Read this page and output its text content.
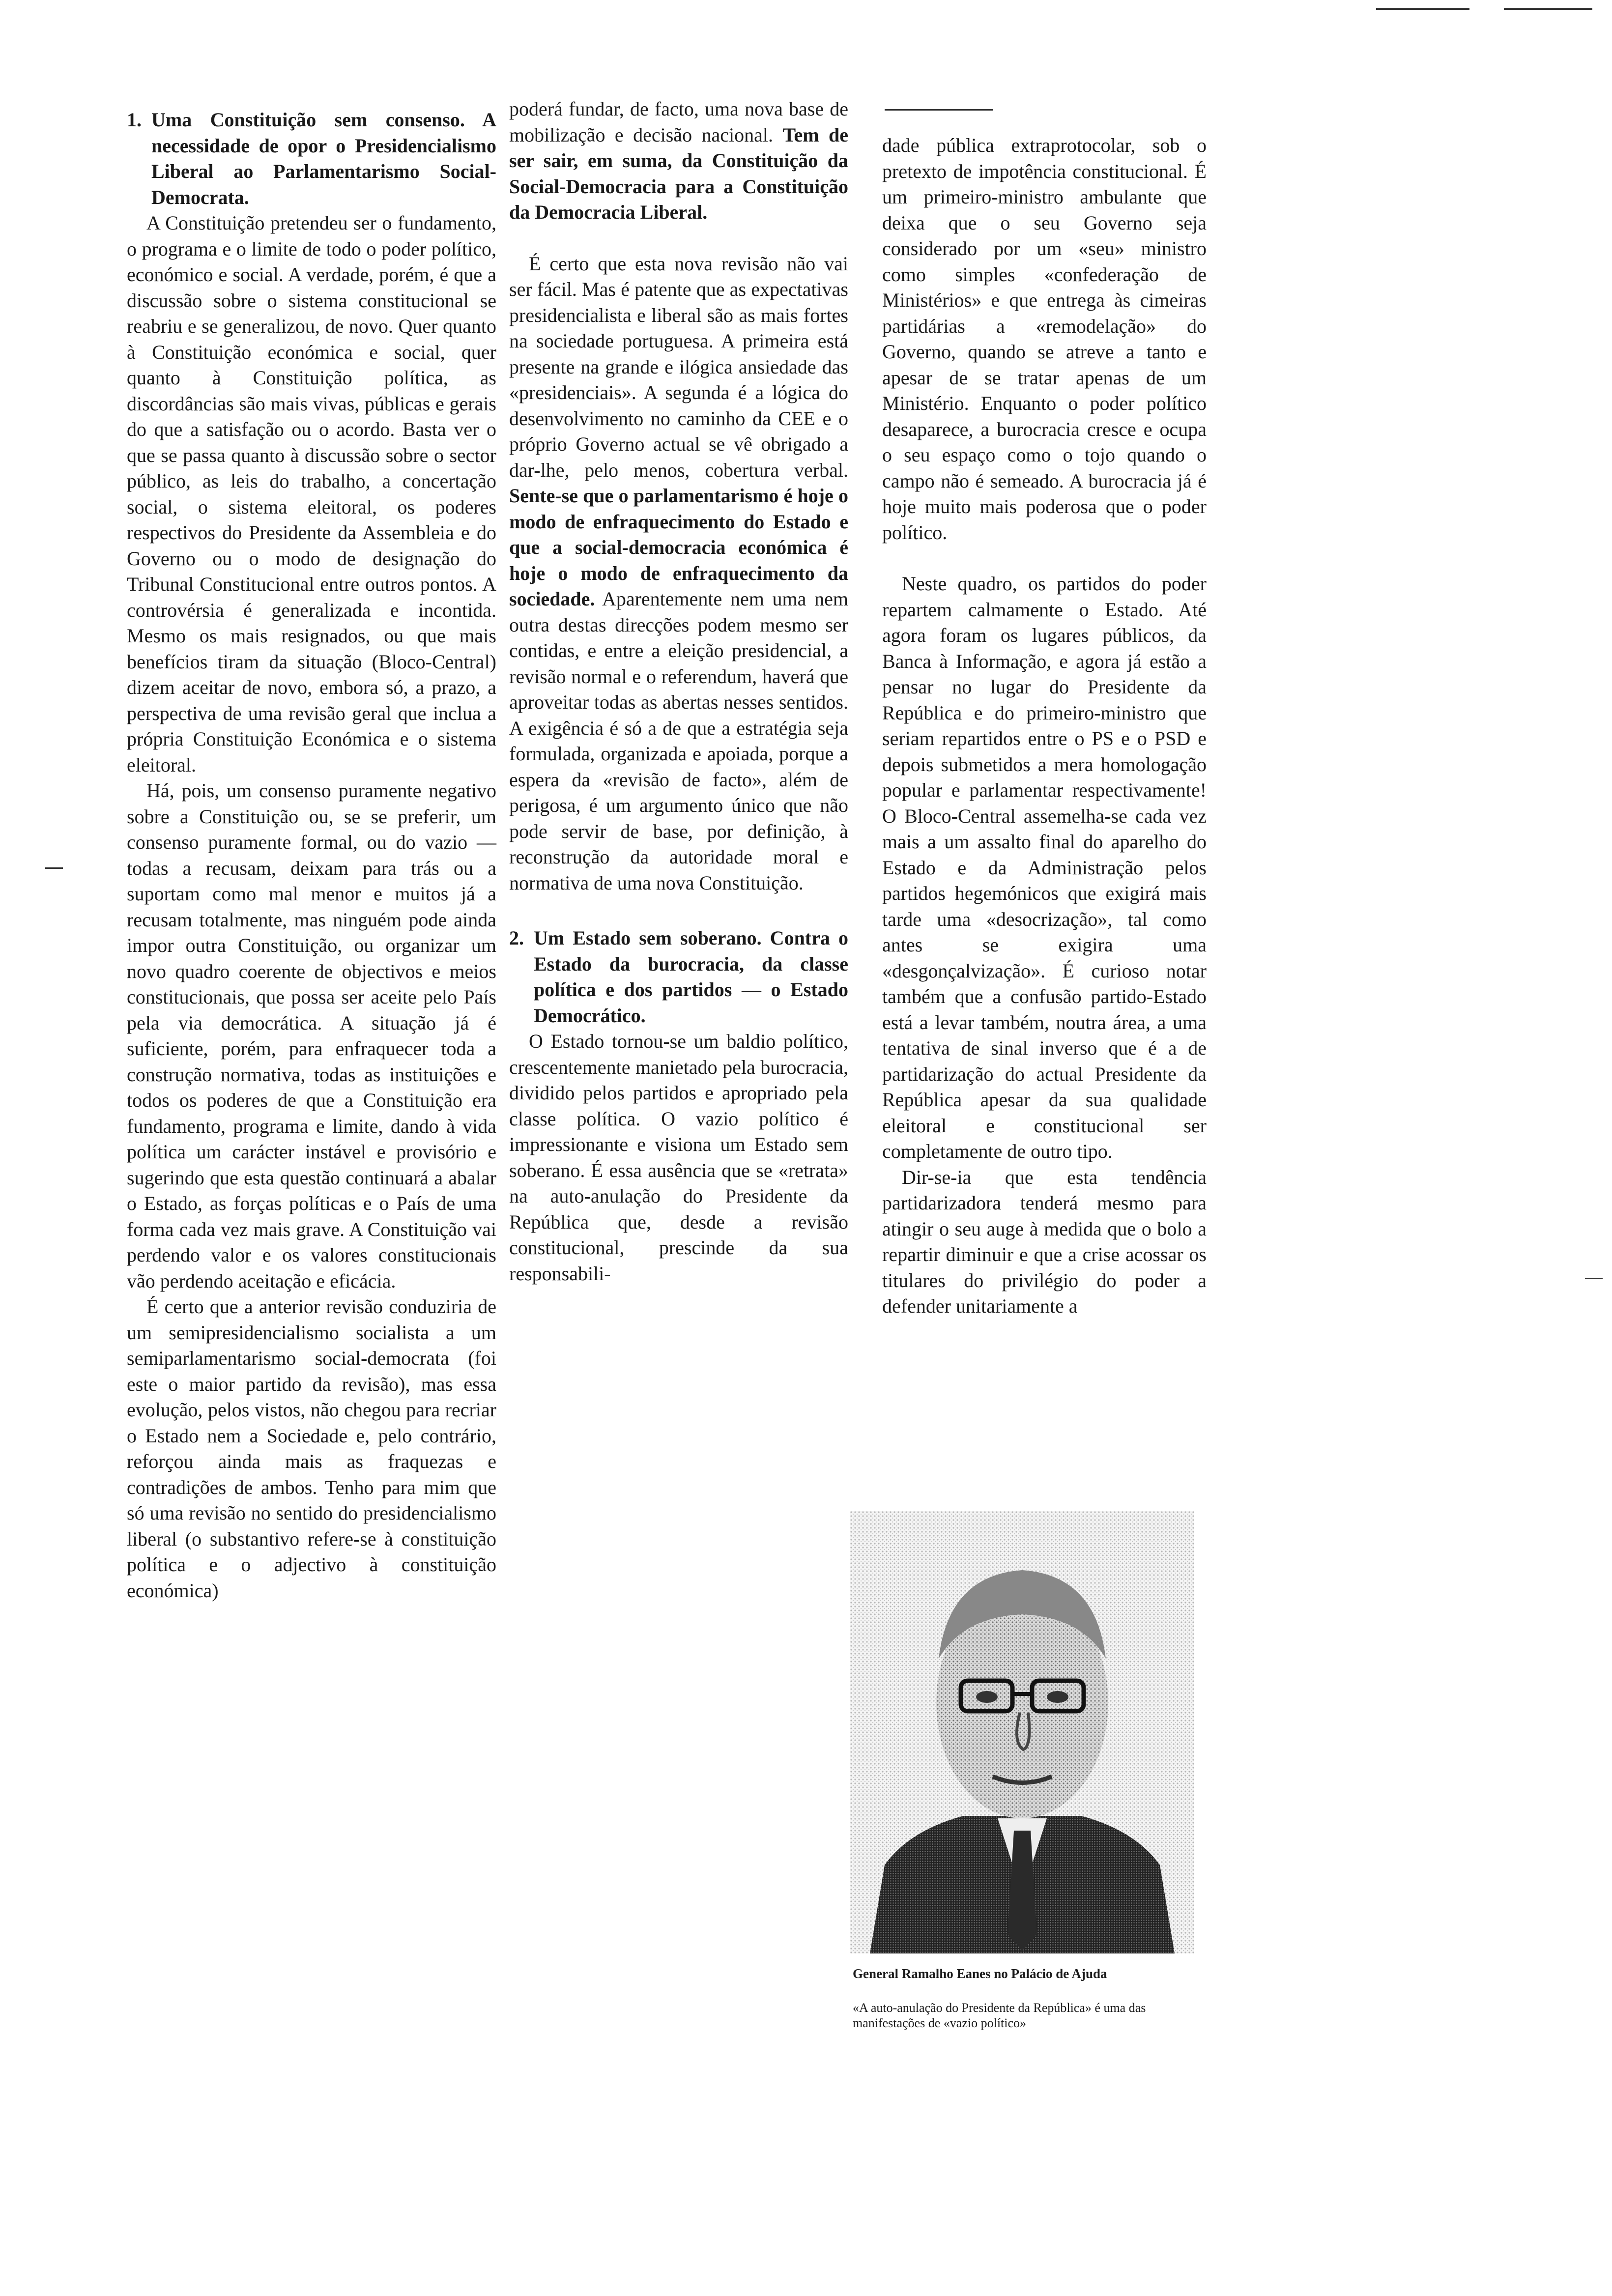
1. Uma Constituição sem consenso. A necessidade de opor o Presidencialismo Liberal ao Parlamentarismo Social-Democrata.

A Constituição pretendeu ser o fundamento, o programa e o limite de todo o poder político, económico e social. A verdade, porém, é que a discussão sobre o sistema constitucional se reabriu e se generalizou, de novo. Quer quanto à Constituição económica e social, quer quanto à Constituição política, as discordâncias são mais vivas, públicas e gerais do que a satisfação ou o acordo. Basta ver o que se passa quanto à discussão sobre o sector público, as leis do trabalho, a concertação social, o sistema eleitoral, os poderes respectivos do Presidente da Assembleia e do Governo ou o modo de designação do Tribunal Constitucional entre outros pontos. A controvérsia é generalizada e incontida. Mesmo os mais resignados, ou que mais benefícios tiram da situação (Bloco-Central) dizem aceitar de novo, embora só, a prazo, a perspectiva de uma revisão geral que inclua a própria Constituição Económica e o sistema eleitoral.

Há, pois, um consenso puramente negativo sobre a Constituição ou, se se preferir, um consenso puramente formal, ou do vazio — todas a recusam, deixam para trás ou a suportam como mal menor e muitos já a recusam totalmente, mas ninguém pode ainda impor outra Constituição, ou organizar um novo quadro coerente de objectivos e meios constitucionais, que possa ser aceite pelo País pela via democrática. A situação já é suficiente, porém, para enfraquecer toda a construção normativa, todas as instituições e todos os poderes de que a Constituição era fundamento, programa e limite, dando à vida política um carácter instável e provisório e sugerindo que esta questão continuará a abalar o Estado, as forças políticas e o País de uma forma cada vez mais grave. A Constituição vai perdendo valor e os valores constitucionais vão perdendo aceitação e eficácia.

É certo que a anterior revisão conduziria de um semipresidencialismo socialista a um semiparlamentarismo social-democrata (foi este o maior partido da revisão), mas essa evolução, pelos vistos, não chegou para recriar o Estado nem a Sociedade e, pelo contrário, reforçou ainda mais as fraquezas e contradições de ambos. Tenho para mim que só uma revisão no sentido do presidencialismo liberal (o substantivo refere-se à constituição política e o adjectivo à constituição económica)

poderá fundar, de facto, uma nova base de mobilização e decisão nacional. Tem de ser sair, em suma, da Constituição da Social-Democracia para a Constituição da Democracia Liberal.

É certo que esta nova revisão não vai ser fácil. Mas é patente que as expectativas presidencialista e liberal são as mais fortes na sociedade portuguesa. A primeira está presente na grande e ilógica ansiedade das «presidenciais». A segunda é a lógica do desenvolvimento no caminho da CEE e o próprio Governo actual se vê obrigado a dar-lhe, pelo menos, cobertura verbal. Sente-se que o parlamentarismo é hoje o modo de enfraquecimento do Estado e que a social-democracia económica é hoje o modo de enfraquecimento da sociedade. Aparentemente nem uma nem outra destas direcções podem mesmo ser contidas, e entre a eleição presidencial, a revisão normal e o referendum, haverá que aproveitar todas as abertas nesses sentidos. A exigência é só a de que a estratégia seja formulada, organizada e apoiada, porque a espera da «revisão de facto», além de perigosa, é um argumento único que não pode servir de base, por definição, à reconstrução da autoridade moral e normativa de uma nova Constituição.

2. Um Estado sem soberano. Contra o Estado da burocracia, da classe política e dos partidos — o Estado Democrático.

O Estado tornou-se um baldio político, crescentemente manietado pela burocracia, dividido pelos partidos e apropriado pela classe política. O vazio político é impressionante e visiona um Estado sem soberano. É essa ausência que se «retrata» na auto-anulação do Presidente da República que, desde a revisão constitucional, prescinde da sua responsabili-

dade pública extraprotocolar, sob o pretexto de impotência constitucional. É um primeiro-ministro ambulante que deixa que o seu Governo seja considerado por um «seu» ministro como simples «confederação de Ministérios» e que entrega às cimeiras partidárias a «remodelação» do Governo, quando se atreve a tanto e apesar de se tratar apenas de um Ministério. Enquanto o poder político desaparece, a burocracia cresce e ocupa o seu espaço como o tojo quando o campo não é semeado. A burocracia já é hoje muito mais poderosa que o poder político.

Neste quadro, os partidos do poder repartem calmamente o Estado. Até agora foram os lugares públicos, da Banca à Informação, e agora já estão a pensar no lugar do Presidente da República e do primeiro-ministro que seriam repartidos entre o PS e o PSD e depois submetidos a mera homologação popular e parlamentar respectivamente! O Bloco-Central assemelha-se cada vez mais a um assalto final do aparelho do Estado e da Administração pelos partidos hegemónicos que exigirá mais tarde uma «desocrização», tal como antes se exigira uma «desgonçalvização». É curioso notar também que a confusão partido-Estado está a levar também, noutra área, a uma tentativa de sinal inverso que é a de partidarização do actual Presidente da República apesar da sua qualidade eleitoral e constitucional ser completamente de outro tipo.

Dir-se-ia que esta tendência partidarizadora tenderá mesmo para atingir o seu auge à medida que o bolo a repartir diminuir e que a crise acossar os titulares do privilégio do poder a defender unitariamente a

General Ramalho Eanes no Palácio de Ajuda
«A auto-anulação do Presidente da República» é uma das manifestações de «vazio político»
